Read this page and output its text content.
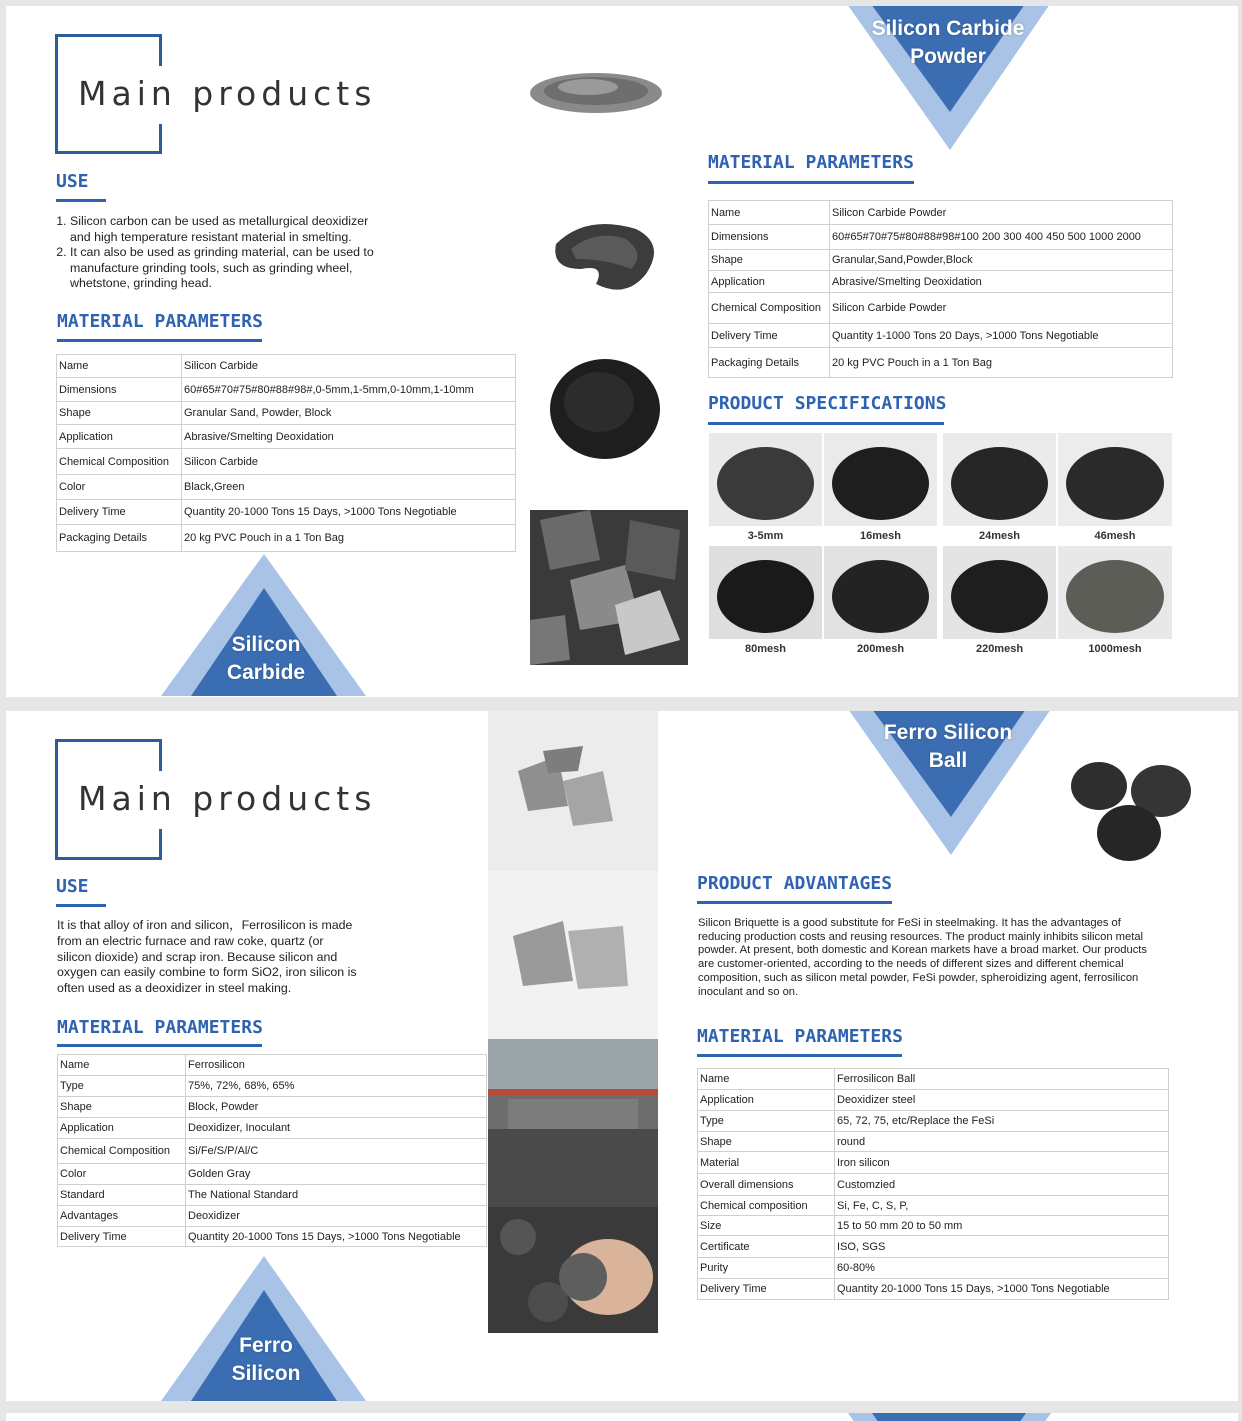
Main products
USE
1. Silicon carbon can be used as metallurgical deoxidizer and high temperature resistant material in smelting.
2. It can also be used as grinding material, can be used to manufacture grinding tools, such as grinding wheel, whetstone, grinding head.
MATERIAL PARAMETERS
Name	Silicon Carbide
Dimensions	60#65#70#75#80#88#98#,0-5mm,1-5mm,0-10mm,1-10mm
Shape	Granular Sand, Powder, Block
Application	Abrasive/Smelting Deoxidation
Chemical Composition	Silicon Carbide
Color	Black,Green
Delivery Time	Quantity 20-1000 Tons 15 Days, >1000 Tons Negotiable
Packaging Details	20 kg PVC Pouch in a 1 Ton Bag
Silicon
Carbide
Silicon Carbide
Powder
MATERIAL PARAMETERS
Name	Silicon Carbide Powder
Dimensions	60#65#70#75#80#88#98#100 200 300 400 450 500 1000 2000
Shape	Granular,Sand,Powder,Block
Application	Abrasive/Smelting Deoxidation
Chemical Composition	Silicon Carbide Powder
Delivery Time	Quantity 1-1000 Tons 20 Days, >1000 Tons Negotiable
Packaging Details	20 kg PVC Pouch in a 1 Ton Bag
PRODUCT SPECIFICATIONS
3-5mm	16mesh	24mesh	46mesh
80mesh	200mesh	220mesh	1000mesh
Main products
USE
It is that alloy of iron and silicon，Ferrosilicon is made from an electric furnace and raw coke, quartz (or silicon dioxide) and scrap iron. Because silicon and oxygen can easily combine to form SiO2, iron silicon is often used as a deoxidizer in steel making.
MATERIAL PARAMETERS
Name	Ferrosilicon
Type	75%, 72%, 68%, 65%
Shape	Block, Powder
Application	Deoxidizer, Inoculant
Chemical Composition	Si/Fe/S/P/Al/C
Color	Golden Gray
Standard	The National Standard
Advantages	Deoxidizer
Delivery Time	Quantity 20-1000 Tons 15 Days, >1000 Tons Negotiable
Ferro
Silicon
Ferro Silicon
Ball
PRODUCT ADVANTAGES
Silicon Briquette is a good substitute for FeSi in steelmaking. It has the advantages of reducing production costs and reusing resources. The product mainly inhibits silicon metal powder. At present, both domestic and Korean markets have a broad market. Our products are customer-oriented, according to the needs of different sizes and different chemical composition, such as silicon metal powder, FeSi powder, spheroidizing agent, ferrosilicon inoculant and so on.
MATERIAL PARAMETERS
Name	Ferrosilicon Ball
Application	Deoxidizer steel
Type	65, 72, 75, etc/Replace the FeSi
Shape	round
Material	Iron silicon
Overall dimensions	Customzied
Chemical composition	Si, Fe, C, S, P,
Size	15 to 50 mm 20 to 50 mm
Certificate	ISO, SGS
Purity	60-80%
Delivery Time	Quantity 20-1000 Tons 15 Days, >1000 Tons Negotiable
